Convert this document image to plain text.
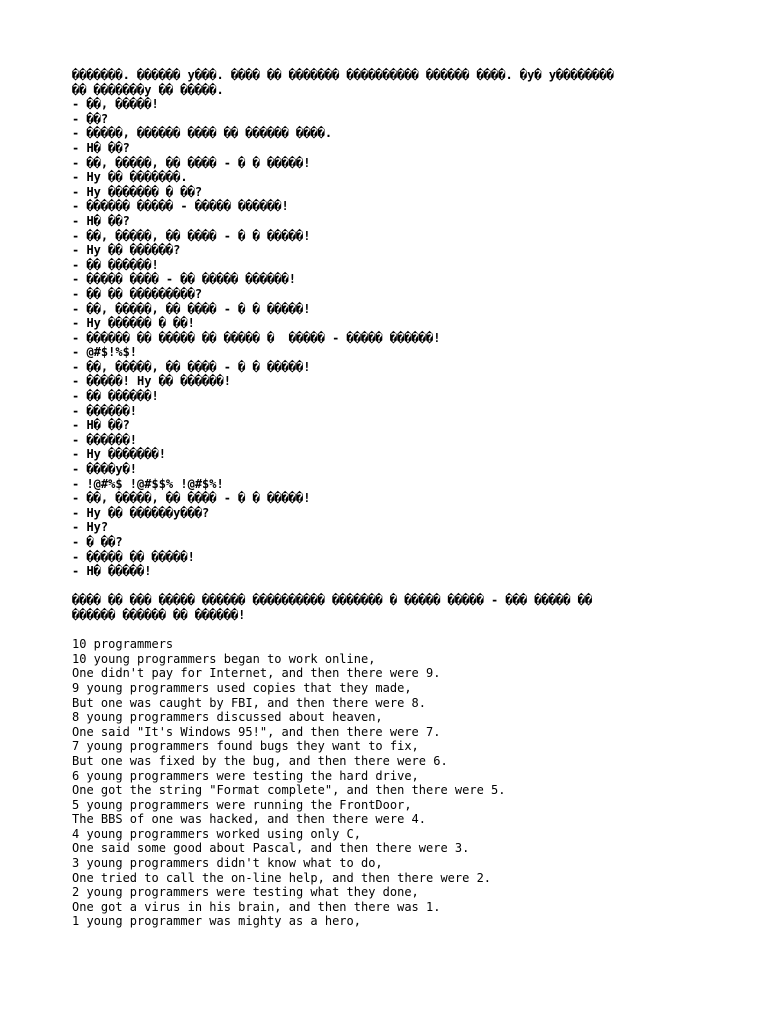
�������. ������ y���. ���� �� ������� ���������� ������ ����. �y� y��������
�� �������y �� �����.
- ��, �����!
- ��?
- �����, ������ ���� �� ������ ����.
- H� ��?
- ��, �����, �� ���� - � � �����!
- Hy �� �������.
- Hy ������� � ��?
- ������ ����� - ����� ������!
- H� ��?
- ��, �����, �� ���� - � � �����!
- Hy �� ������?
- �� ������!
- ����� ���� - �� ����� ������!
- �� �� ���������?
- ��, �����, �� ���� - � � �����!
- Hy ������ � ��!
- ������ �� ����� �� ����� �  ����� - ����� ������!
- @#$!%$!
- ��, �����, �� ���� - � � �����!
- �����! Hy �� ������!
- �� ������!
- ������!
- H� ��?
- ������!
- Hy �������!
- ����y�!
- !@#%$ !@#$$% !@#$%!
- ��, �����, �� ���� - � � �����!
- Hy �� ������y���?
- Hy?
- � ��?
- ����� �� �����!
- H� �����!
���� �� ��� ����� ������ ���������� ������� � ����� ����� - ��� ����� ��
������ ������ �� ������!
10 programmers
10 young programmers began to work online,
One didn't pay for Internet, and then there were 9.
9 young programmers used copies that they made,
But one was caught by FBI, and then there were 8.
8 young programmers discussed about heaven,
One said "It's Windows 95!", and then there were 7.
7 young programmers found bugs they want to fix,
But one was fixed by the bug, and then there were 6.
6 young programmers were testing the hard drive,
One got the string "Format complete", and then there were 5.
5 young programmers were running the FrontDoor,
The BBS of one was hacked, and then there were 4.
4 young programmers worked using only C,
One said some good about Pascal, and then there were 3.
3 young programmers didn't know what to do,
One tried to call the on-line help, and then there were 2.
2 young programmers were testing what they done,
One got a virus in his brain, and then there was 1.
1 young programmer was mighty as a hero,
